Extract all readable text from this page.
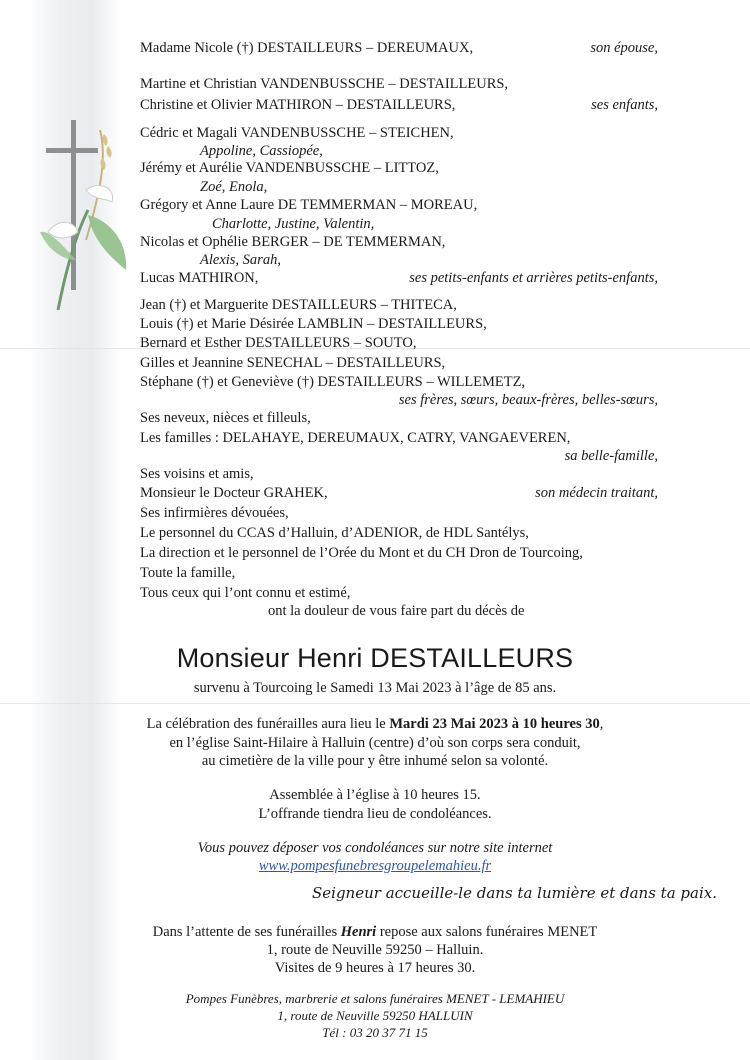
Madame Nicole (†) DESTAILLEURS – DEREUMAUX,	son épouse,
Martine et Christian VANDENBUSSCHE – DESTAILLEURS,
Christine et Olivier MATHIRON – DESTAILLEURS,	ses enfants,
Cédric et Magali VANDENBUSSCHE – STEICHEN,
Appoline, Cassiopée,
Jérémy et Aurélie VANDENBUSSCHE – LITTOZ,
Zoé, Enola,
Grégory et Anne Laure DE TEMMERMAN – MOREAU,
Charlotte, Justine, Valentin,
Nicolas et Ophélie BERGER – DE TEMMERMAN,
Alexis, Sarah,
Lucas MATHIRON,	ses petits-enfants et arrières petits-enfants,
Jean (†) et Marguerite DESTAILLEURS – THITECA,
Louis (†) et Marie Désirée LAMBLIN – DESTAILLEURS,
Bernard et Esther DESTAILLEURS – SOUTO,
Gilles et Jeannine SENECHAL – DESTAILLEURS,
Stéphane (†) et Geneviève (†) DESTAILLEURS – WILLEMETZ,
ses frères, sœurs, beaux-frères, belles-sœurs,
Ses neveux, nièces et filleuls,
Les familles : DELAHAYE, DEREUMAUX, CATRY, VANGAEVEREN,
sa belle-famille,
Ses voisins et amis,
Monsieur le Docteur GRAHEK,	son médecin traitant,
Ses infirmières dévouées,
Le personnel du CCAS d’Halluin, d’ADENIOR, de HDL Santélys,
La direction et le personnel de l’Orée du Mont et du CH Dron de Tourcoing,
Toute la famille,
Tous ceux qui l’ont connu et estimé,
ont la douleur de vous faire part du décès de
Monsieur Henri DESTAILLEURS
survenu à Tourcoing le Samedi 13 Mai 2023 à l’âge de 85 ans.
La célébration des funérailles aura lieu le Mardi 23 Mai 2023 à 10 heures 30,
en l’église Saint-Hilaire à Halluin (centre) d’où son corps sera conduit,
au cimetière de la ville pour y être inhumé selon sa volonté.
Assemblée à l’église à 10 heures 15.
L’offrande tiendra lieu de condoléances.
Vous pouvez déposer vos condoléances sur notre site internet
www.pompesfunebresgroupelemahieu.fr
Seigneur accueille-le dans ta lumière et dans ta paix.
Dans l’attente de ses funérailles Henri repose aux salons funéraires MENET
1, route de Neuville 59250 – Halluin.
Visites de 9 heures à 17 heures 30.
Pompes Funèbres, marbrerie et salons funéraires MENET - LEMAHIEU
1, route de Neuville 59250 HALLUIN
Tél : 03 20 37 71 15
